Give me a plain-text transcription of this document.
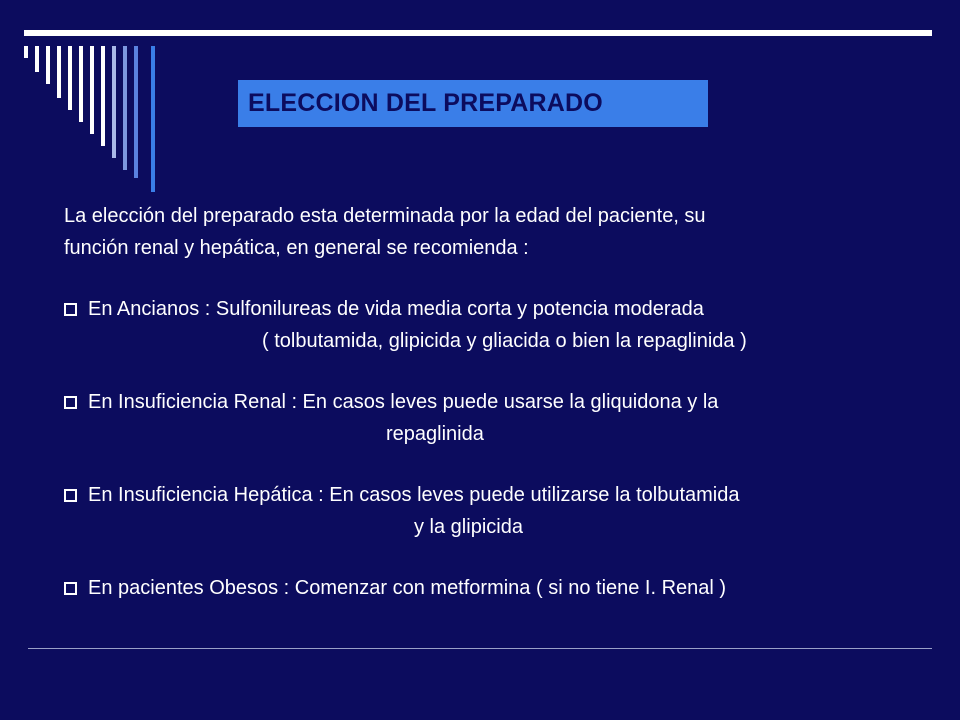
ELECCION DEL PREPARADO
La elección del preparado esta determinada por la edad del paciente, su
función renal y hepática, en general se recomienda :
En Ancianos : Sulfonilureas de vida media corta y potencia moderada
( tolbutamida, glipicida y gliacida o bien la repaglinida )
En Insuficiencia Renal : En casos leves puede usarse la gliquidona y la
repaglinida
En Insuficiencia Hepática : En casos leves puede utilizarse la tolbutamida
y la glipicida
En pacientes Obesos : Comenzar con metformina ( si no tiene I. Renal )
